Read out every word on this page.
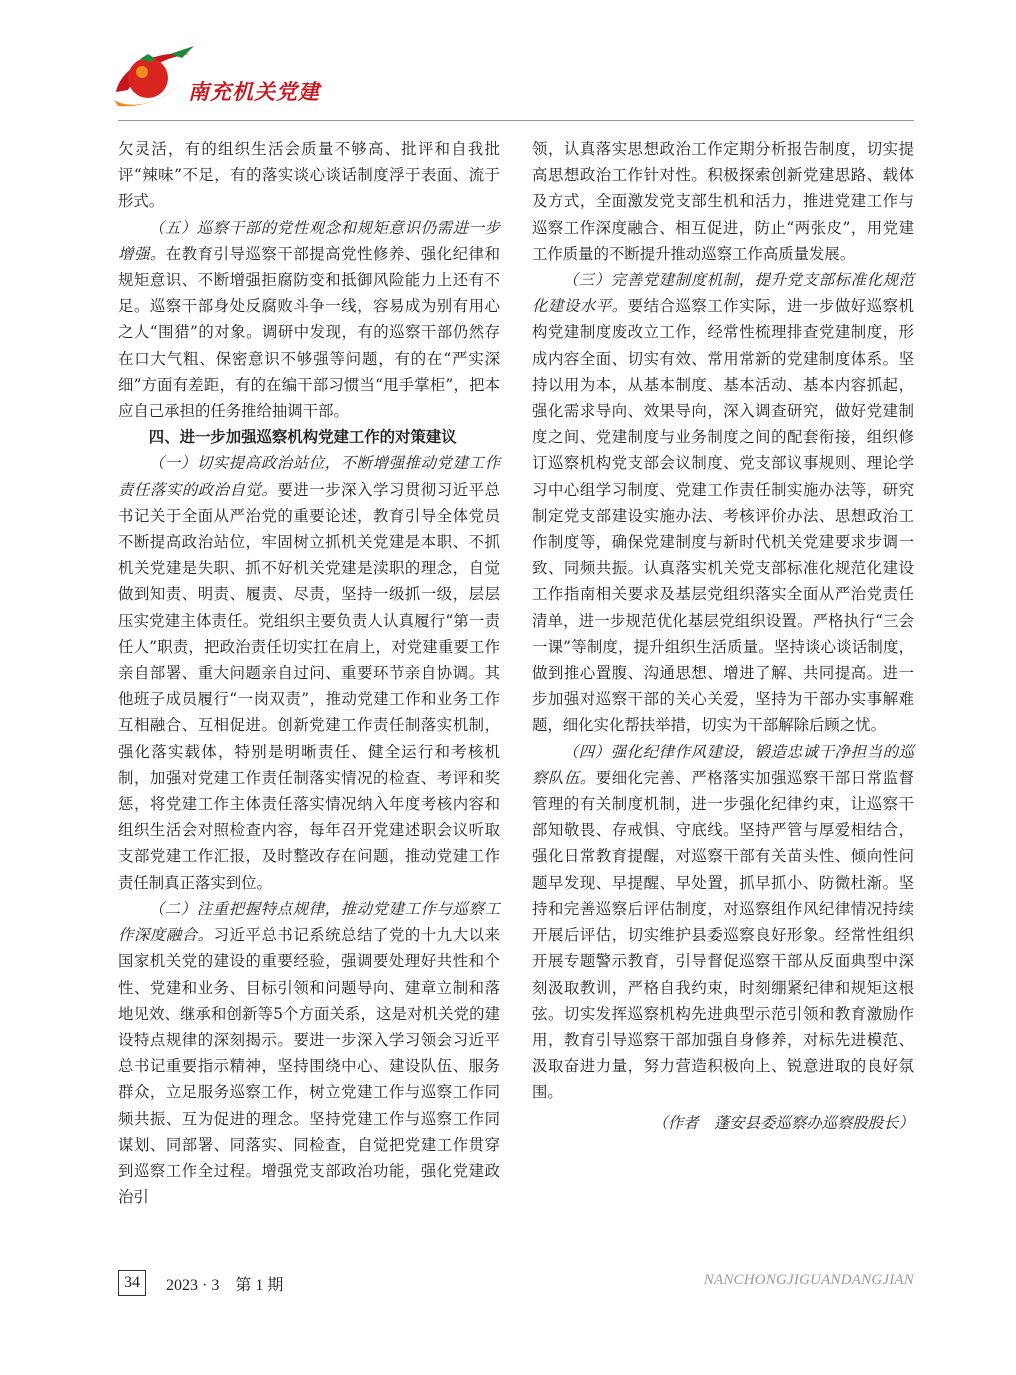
南充机关党建

欠灵活，有的组织生活会质量不够高、批评和自我批评“辣味”不足，有的落实谈心谈话制度浮于表面、流于形式。

（五）巡察干部的党性观念和规矩意识仍需进一步增强。在教育引导巡察干部提高党性修养、强化纪律和规矩意识、不断增强拒腐防变和抵御风险能力上还有不足。巡察干部身处反腐败斗争一线，容易成为别有用心之人“围猎”的对象。调研中发现，有的巡察干部仍然存在口大气粗、保密意识不够强等问题，有的在“严实深细”方面有差距，有的在编干部习惯当“甩手掌柜”，把本应自己承担的任务推给抽调干部。

四、进一步加强巡察机构党建工作的对策建议

（一）切实提高政治站位，不断增强推动党建工作责任落实的政治自觉。要进一步深入学习贯彻习近平总书记关于全面从严治党的重要论述，教育引导全体党员不断提高政治站位，牢固树立抓机关党建是本职、不抓机关党建是失职、抓不好机关党建是渎职的理念，自觉做到知责、明责、履责、尽责，坚持一级抓一级，层层压实党建主体责任。党组织主要负责人认真履行“第一责任人”职责，把政治责任切实扛在肩上，对党建重要工作亲自部署、重大问题亲自过问、重要环节亲自协调。其他班子成员履行“一岗双责”，推动党建工作和业务工作互相融合、互相促进。创新党建工作责任制落实机制，强化落实载体，特别是明晰责任、健全运行和考核机制，加强对党建工作责任制落实情况的检查、考评和奖惩，将党建工作主体责任落实情况纳入年度考核内容和组织生活会对照检查内容，每年召开党建述职会议听取支部党建工作汇报，及时整改存在问题，推动党建工作责任制真正落实到位。

（二）注重把握特点规律，推动党建工作与巡察工作深度融合。习近平总书记系统总结了党的十九大以来国家机关党的建设的重要经验，强调要处理好共性和个性、党建和业务、目标引领和问题导向、建章立制和落地见效、继承和创新等5个方面关系，这是对机关党的建设特点规律的深刻揭示。要进一步深入学习领会习近平总书记重要指示精神，坚持围绕中心、建设队伍、服务群众，立足服务巡察工作，树立党建工作与巡察工作同频共振、互为促进的理念。坚持党建工作与巡察工作同谋划、同部署、同落实、同检查，自觉把党建工作贯穿到巡察工作全过程。增强党支部政治功能，强化党建政治引

领，认真落实思想政治工作定期分析报告制度，切实提高思想政治工作针对性。积极探索创新党建思路、载体及方式，全面激发党支部生机和活力，推进党建工作与巡察工作深度融合、相互促进，防止“两张皮”，用党建工作质量的不断提升推动巡察工作高质量发展。

（三）完善党建制度机制，提升党支部标准化规范化建设水平。要结合巡察工作实际，进一步做好巡察机构党建制度废改立工作，经常性梳理排查党建制度，形成内容全面、切实有效、常用常新的党建制度体系。坚持以用为本，从基本制度、基本活动、基本内容抓起，强化需求导向、效果导向，深入调查研究，做好党建制度之间、党建制度与业务制度之间的配套衔接，组织修订巡察机构党支部会议制度、党支部议事规则、理论学习中心组学习制度、党建工作责任制实施办法等，研究制定党支部建设实施办法、考核评价办法、思想政治工作制度等，确保党建制度与新时代机关党建要求步调一致、同频共振。认真落实机关党支部标准化规范化建设工作指南相关要求及基层党组织落实全面从严治党责任清单，进一步规范优化基层党组织设置。严格执行“三会一课”等制度，提升组织生活质量。坚持谈心谈话制度，做到推心置腹、沟通思想、增进了解、共同提高。进一步加强对巡察干部的关心关爱，坚持为干部办实事解难题，细化实化帮扶举措，切实为干部解除后顾之忧。

（四）强化纪律作风建设，锻造忠诚干净担当的巡察队伍。要细化完善、严格落实加强巡察干部日常监督管理的有关制度机制，进一步强化纪律约束，让巡察干部知敬畏、存戒惧、守底线。坚持严管与厚爱相结合，强化日常教育提醒，对巡察干部有关苗头性、倾向性问题早发现、早提醒、早处置，抓早抓小、防微杜渐。坚持和完善巡察后评估制度，对巡察组作风纪律情况持续开展后评估，切实维护县委巡察良好形象。经常性组织开展专题警示教育，引导督促巡察干部从反面典型中深刻汲取教训，严格自我约束，时刻绷紧纪律和规矩这根弦。切实发挥巡察机构先进典型示范引领和教育激励作用，教育引导巡察干部加强自身修养，对标先进模范、汲取奋进力量，努力营造积极向上、锐意进取的良好氛围。

（作者　蓬安县委巡察办巡察股股长）

34	2023 · 3　第 1 期	NANCHONGJIGUANDANGJIAN
